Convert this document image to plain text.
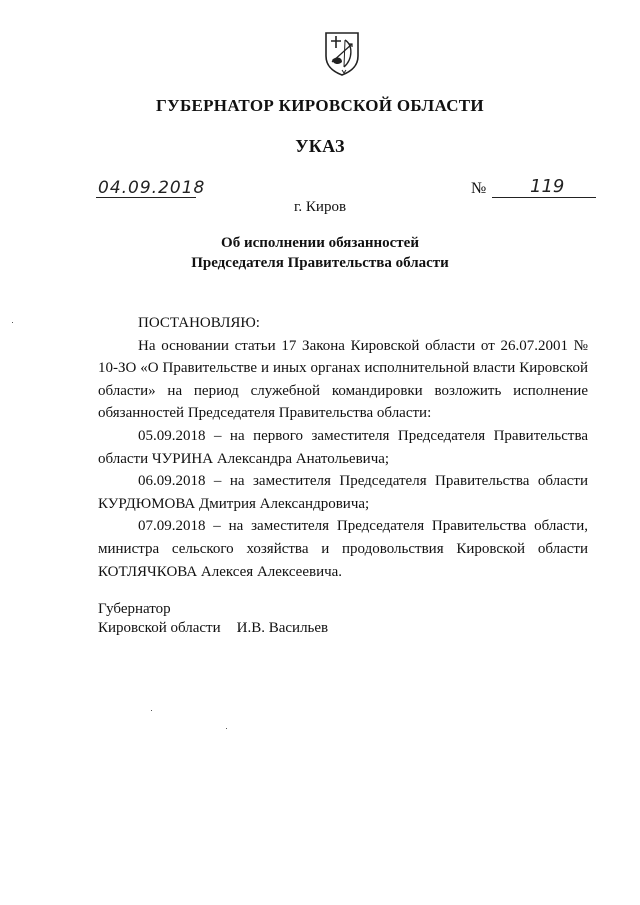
ГУБЕРНАТОР КИРОВСКОЙ ОБЛАСТИ
УКАЗ
04.09.2018	№ 119
г. Киров
Об исполнении обязанностей
Председателя Правительства области

ПОСТАНОВЛЯЮ:

На основании статьи 17 Закона Кировской области от 26.07.2001 № 10-ЗО «О Правительстве и иных органах исполнительной власти Кировской области» на период служебной командировки возложить исполнение обязанностей Председателя Правительства области:

05.09.2018 – на первого заместителя Председателя Правительства области ЧУРИНА Александра Анатольевича;

06.09.2018 – на заместителя Председателя Правительства области КУРДЮМОВА Дмитрия Александровича;

07.09.2018 – на заместителя Председателя Правительства области, министра сельского хозяйства и продовольствия Кировской области КОТЛЯЧКОВА Алексея Алексеевича.

Губернатор
Кировской области И.В. Васильев
